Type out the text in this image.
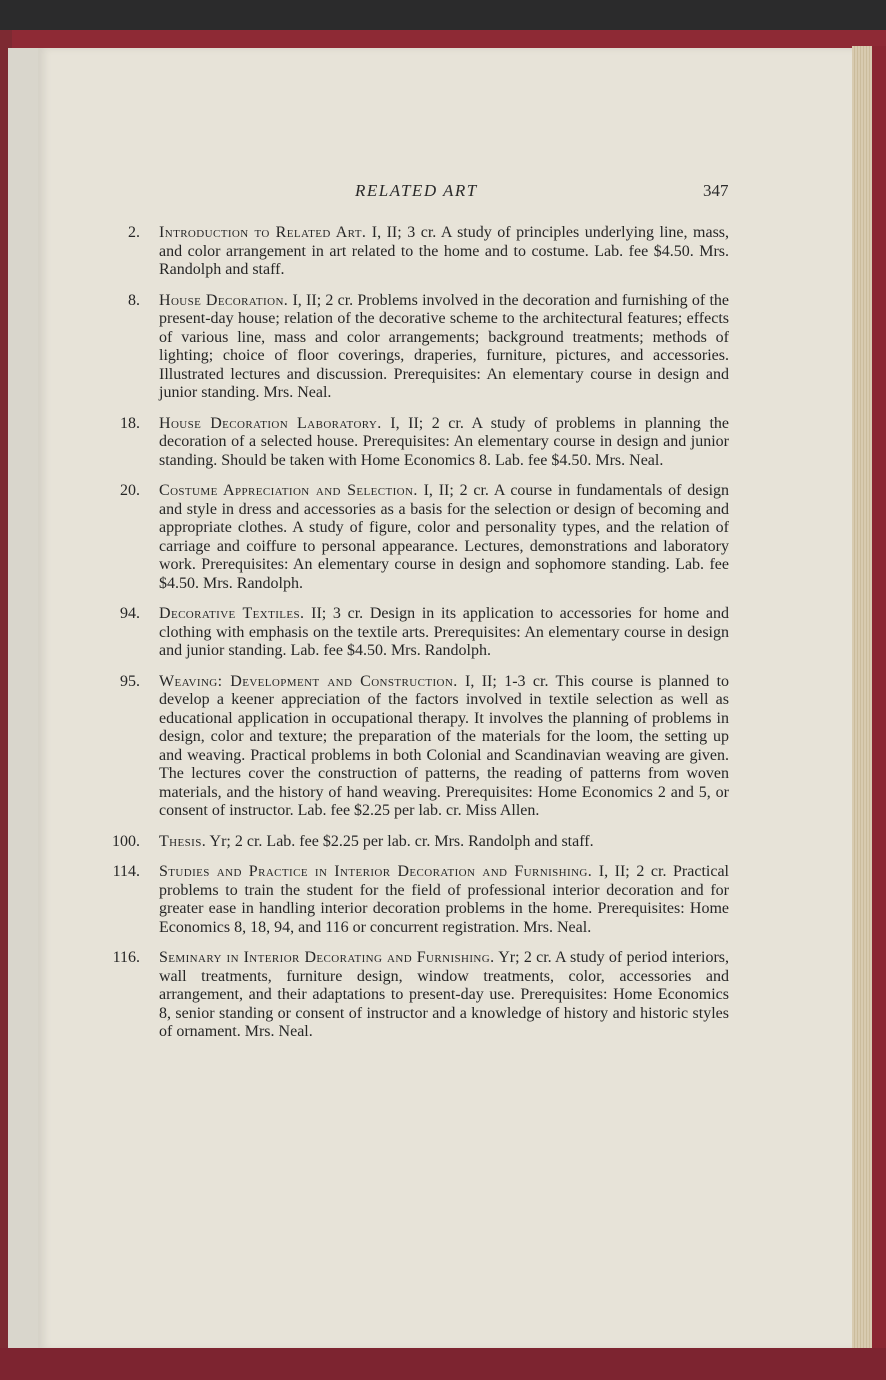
RELATED ART	347
2. Introduction to Related Art. I, II; 3 cr. A study of principles underlying line, mass, and color arrangement in art related to the home and to costume. Lab. fee $4.50. Mrs. Randolph and staff.
8. House Decoration. I, II; 2 cr. Problems involved in the decoration and furnishing of the present-day house; relation of the decorative scheme to the architectural features; effects of various line, mass and color arrangements; background treatments; methods of lighting; choice of floor coverings, draperies, furniture, pictures, and accessories. Illustrated lectures and discussion. Prerequisites: An elementary course in design and junior standing. Mrs. Neal.
18. House Decoration Laboratory. I, II; 2 cr. A study of problems in planning the decoration of a selected house. Prerequisites: An elementary course in design and junior standing. Should be taken with Home Economics 8. Lab. fee $4.50. Mrs. Neal.
20. Costume Appreciation and Selection. I, II; 2 cr. A course in fundamentals of design and style in dress and accessories as a basis for the selection or design of becoming and appropriate clothes. A study of figure, color and personality types, and the relation of carriage and coiffure to personal appearance. Lectures, demonstrations and laboratory work. Prerequisites: An elementary course in design and sophomore standing. Lab. fee $4.50. Mrs. Randolph.
94. Decorative Textiles. II; 3 cr. Design in its application to accessories for home and clothing with emphasis on the textile arts. Prerequisites: An elementary course in design and junior standing. Lab. fee $4.50. Mrs. Randolph.
95. Weaving: Development and Construction. I, II; 1-3 cr. This course is planned to develop a keener appreciation of the factors involved in textile selection as well as educational application in occupational therapy. It involves the planning of problems in design, color and texture; the preparation of the materials for the loom, the setting up and weaving. Practical problems in both Colonial and Scandinavian weaving are given. The lectures cover the construction of patterns, the reading of patterns from woven materials, and the history of hand weaving. Prerequisites: Home Economics 2 and 5, or consent of instructor. Lab. fee $2.25 per lab. cr. Miss Allen.
100. Thesis. Yr; 2 cr. Lab. fee $2.25 per lab. cr. Mrs. Randolph and staff.
114. Studies and Practice in Interior Decoration and Furnishing. I, II; 2 cr. Practical problems to train the student for the field of professional interior decoration and for greater ease in handling interior decoration problems in the home. Prerequisites: Home Economics 8, 18, 94, and 116 or concurrent registration. Mrs. Neal.
116. Seminary in Interior Decorating and Furnishing. Yr; 2 cr. A study of period interiors, wall treatments, furniture design, window treatments, color, accessories and arrangement, and their adaptations to present-day use. Prerequisites: Home Economics 8, senior standing or consent of instructor and a knowledge of history and historic styles of ornament. Mrs. Neal.
